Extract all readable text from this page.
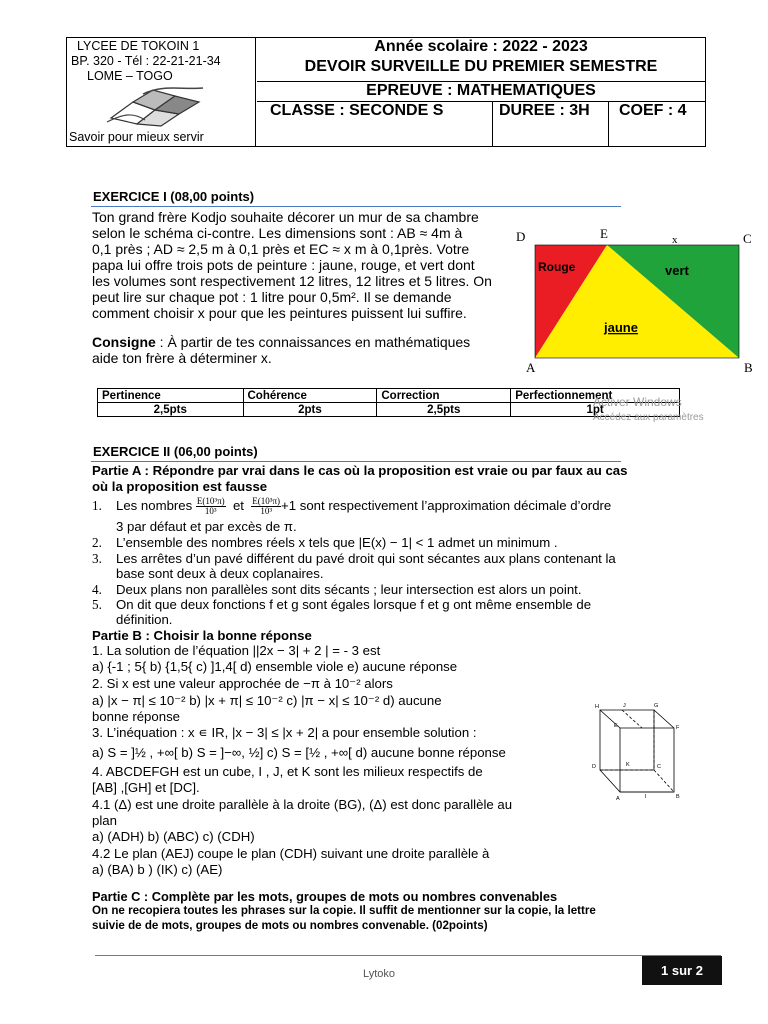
LYCEE DE TOKOIN 1
BP. 320 - Tél : 22-21-21-34
LOME – TOGO
Savoir pour mieux servir
Année scolaire : 2022 - 2023
DEVOIR SURVEILLE DU PREMIER SEMESTRE
EPREUVE : MATHEMATIQUES
CLASSE : SECONDE S	DUREE : 3H COEF : 4
EXERCICE I (08,00 points)
Ton grand frère Kodjo souhaite décorer un mur de sa chambre
selon le schéma ci-contre. Les dimensions sont : AB ≈ 4m à
0,1 près ; AD ≈ 2,5 m à 0,1 près et EC ≈ x m à 0,1près. Votre
papa lui offre trois pots de peinture : jaune, rouge, et vert dont
les volumes sont respectivement 12 litres, 12 litres et 5 litres. On
peut lire sur chaque pot : 1 litre pour 0,5m². Il se demande
comment choisir x pour que les peintures puissent lui suffire.
Consigne : À partir de tes connaissances en mathématiques
aide ton frère à déterminer x.
D	E	x	C
A	B
Rouge	vert
jaune
Pertinence	Cohérence	Correction	Perfectionnement
2,5pts	2pts	2,5pts	1pt
Activer Windows
Accédez aux paramètres
EXERCICE II (06,00 points)
Partie A : Répondre par vrai dans le cas où la proposition est vraie ou par faux au cas
où la proposition est fausse
1. Les nombres $\frac{\text{E(10³π)}}{\text{10³}}$ et $\frac{\text{E(10³π)}}{\text{10³}} +1$ sont respectivement l’approximation décimale d’ordre
3 par défaut et par excès de π.
2. L’ensemble des nombres réels x tels que |E(x) − 1| < 1 admet un minimum .
3. Les arrêtes d’un pavé différent du pavé droit qui sont sécantes aux plans contenant la
base sont deux à deux coplanaires.
4. Deux plans non parallèles sont dits sécants ; leur intersection est alors un point.
5. On dit que deux fonctions f et g sont égales lorsque f et g ont même ensemble de
définition.
Partie B : Choisir la bonne réponse
1. La solution de l’équation ||2x − 3| + 2 | = - 3 est
a) {-1 ; 5{ b) {1,5{ c) ]1,4[ d) ensemble viole e) aucune réponse
2. Si x est une valeur approchée de −π à 10⁻² alors
a) |x − π| ≤ 10⁻² b) |x + π| ≤ 10⁻² c) |π − x| ≤ 10⁻² d) aucune
bonne réponse
3. L’inéquation : x ∊ IR, |x − 3| ≤ |x + 2| a pour ensemble solution :
a) S = ]½ , +∞[ b) S = ]−∞, ½] c) S = [½ , +∞[ d) aucune bonne réponse
4. ABCDEFGH est un cube, I , J, et K sont les milieux respectifs de
[AB] ,[GH] et [DC].
4.1 (Δ) est une droite parallèle à la droite (BG), (Δ) est donc parallèle au
plan
a) (ADH) b) (ABC) c) (CDH)
4.2 Le plan (AEJ) coupe le plan (CDH) suivant une droite parallèle à
a) (BA) b ) (IK) c) (AE)
H	J	G
E	F
D	K	C
A	I	B
Partie C : Complète par les mots, groupes de mots ou nombres convenables
On ne recopiera toutes les phrases sur la copie. Il suffit de mentionner sur la copie, la lettre
suivie de de mots, groupes de mots ou nombres convenable. (02points)
Lytoko	1 sur 2
